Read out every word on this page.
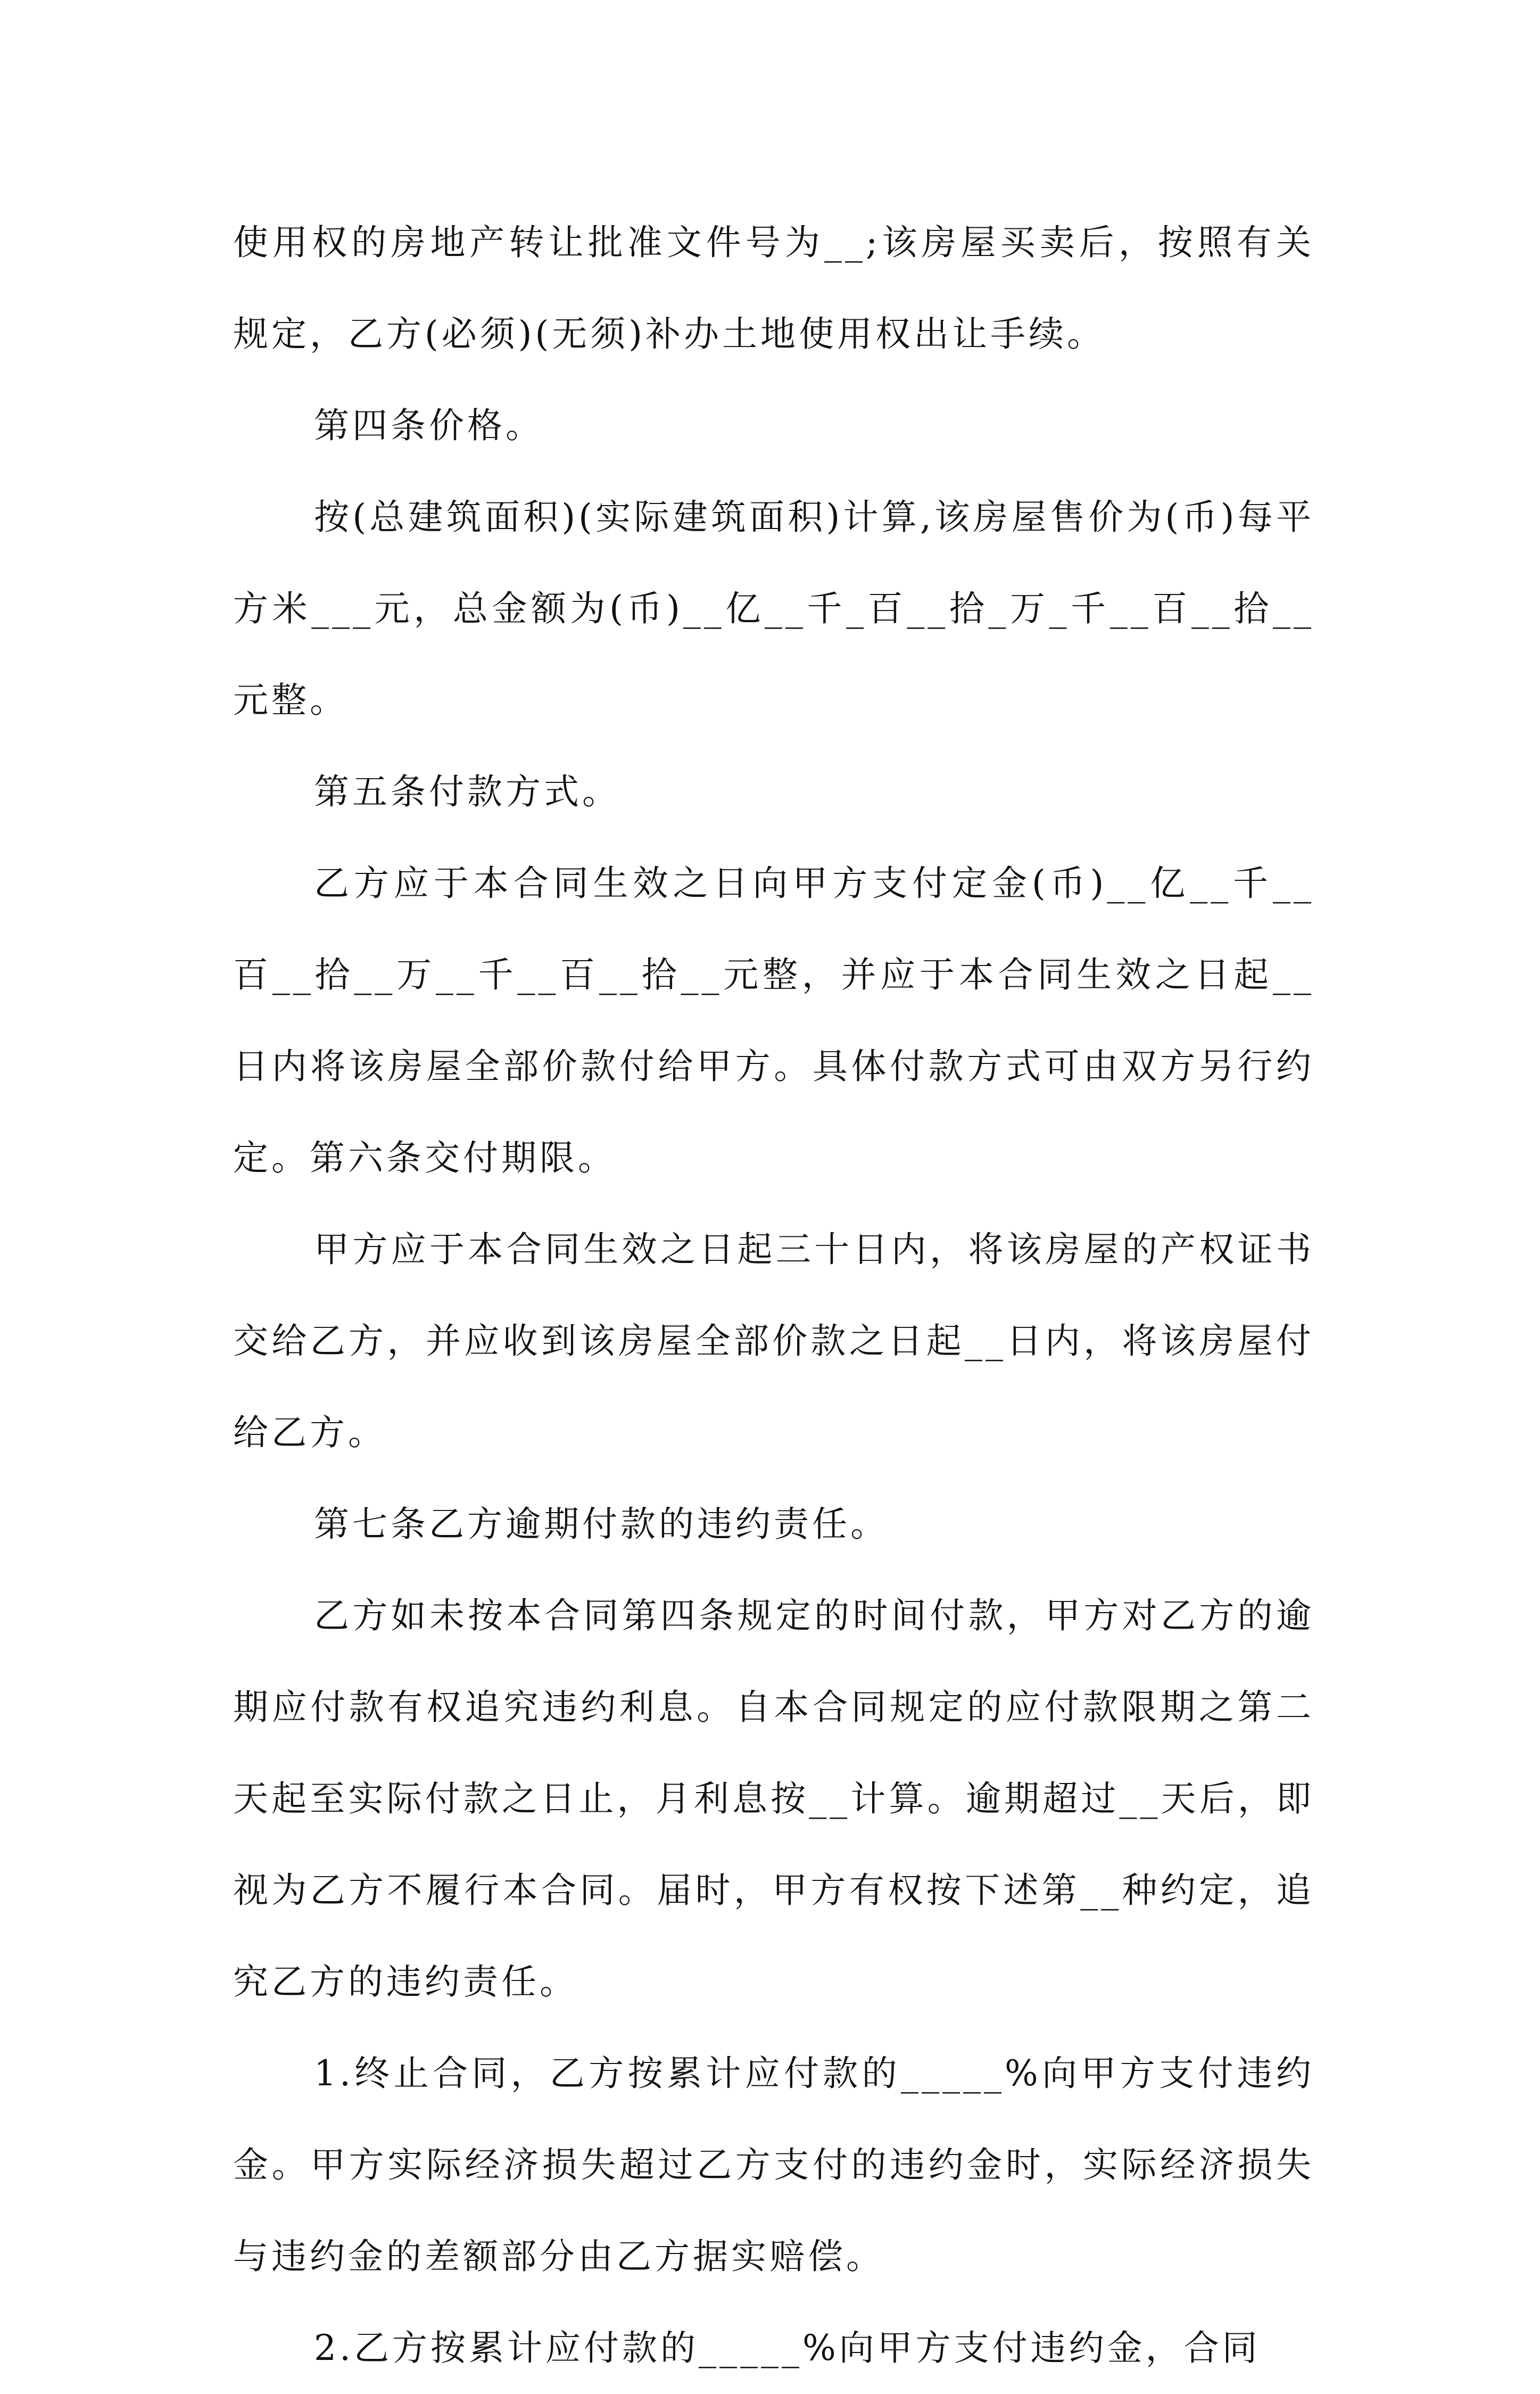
使用权的房地产转让批准文件号为__;该房屋买卖后，按照有关规定，乙方(必须)(无须)补办土地使用权出让手续。

第四条价格。

按(总建筑面积)(实际建筑面积)计算,该房屋售价为(币)每平方米___元，总金额为(币)__亿__千_百__拾_万_千__百__拾__元整。

第五条付款方式。

乙方应于本合同生效之日向甲方支付定金(币)__亿__千__百__拾__万__千__百__拾__元整，并应于本合同生效之日起__日内将该房屋全部价款付给甲方。具体付款方式可由双方另行约定。第六条交付期限。

甲方应于本合同生效之日起三十日内，将该房屋的产权证书交给乙方，并应收到该房屋全部价款之日起__日内，将该房屋付给乙方。

第七条乙方逾期付款的违约责任。

乙方如未按本合同第四条规定的时间付款，甲方对乙方的逾期应付款有权追究违约利息。自本合同规定的应付款限期之第二天起至实际付款之日止，月利息按__计算。逾期超过__天后，即视为乙方不履行本合同。届时，甲方有权按下述第__种约定，追究乙方的违约责任。

1.终止合同，乙方按累计应付款的_____%向甲方支付违约金。甲方实际经济损失超过乙方支付的违约金时，实际经济损失与违约金的差额部分由乙方据实赔偿。

2.乙方按累计应付款的_____%向甲方支付违约金，合同
